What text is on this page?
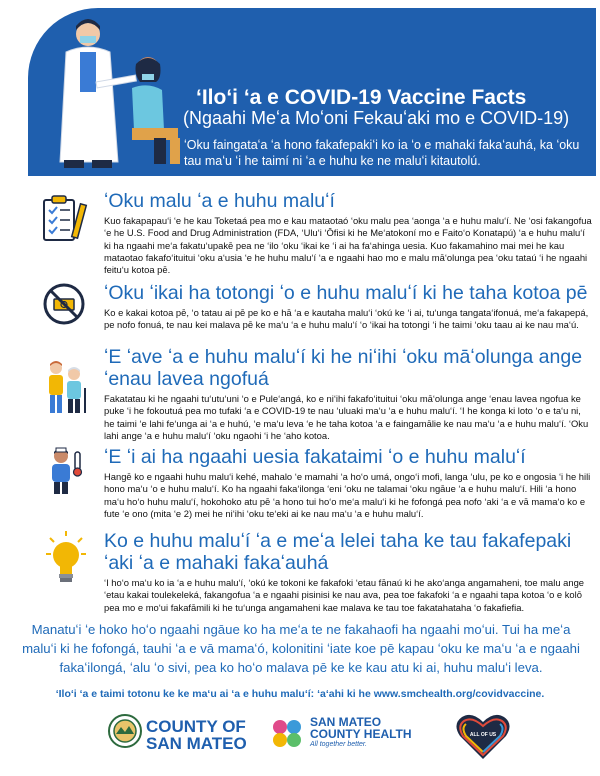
ʻIloʻi ʻa e COVID-19 Vaccine Facts
(Ngaahi Meʻa Moʻoni Fekauʻaki mo e COVID-19)
ʻOku faingataʻa ʻa hono fakafepakiʻi ko ia ʻo e mahaki fakaʻauhá, ka ʻoku tau maʻu ʻi he taimí ni ʻa e huhu ke ne maluʻi kitautolú.
ʻOku malu ʻa e huhu maluʻí

Kuo fakapapauʻi ʻe he kau Toketaá pea mo e kau mataotaó ʻoku malu pea ʻaonga ʻa e huhu maluʻí. Ne ʻosi fakangofua ʻe he U.S. Food and Drug Administration (FDA, ʻUluʻi ʻŌfisi ki he Meʻatokoní mo e Faitoʻo Konatapú) ʻa e huhu maluʻí ki ha ngaahi meʻa fakatuʻupakē pea ne ʻilo ʻoku ʻikai ke ʻi ai ha faʻahinga uesia. Kuo fakamahino mai mei he kau mataotao fakafoʻituitui ʻoku aʻusia ʻe he huhu maluʻí ʻa e ngaahi hao mo e malu māʻolunga pea ʻoku tataú ʻi he ngaahi feituʻu kotoa pē.

ʻOku ʻikai ha totongi ʻo e huhu maluʻí ki he taha kotoa pē

Ko e kakai kotoa pē, ʻo tatau ai pē pe ko e hā ʻa e kautaha maluʻi ʻokú ke ʻi ai, tuʻunga tangataʻifonuá, meʻa fakapepá, pe nofo fonuá, te nau kei malava pē ke maʻu ʻa e huhu maluʻí ʻo ʻikai ha totongi ʻi he taimi ʻoku taau ai ke nau maʻú.

ʻE ʻave ʻa e huhu maluʻí ki he niʻihi ʻoku māʻolunga ange ʻenau lavea ngofuá

Fakatatau ki he ngaahi tuʻutuʻuni ʻo e Puleʻangá, ko e niʻihi fakafoʻituitui ʻoku māʻolunga ange ʻenau lavea ngofua ke puke ʻi he fokoutuá pea mo tufaki ʻa e COVID-19 te nau ʻuluaki maʻu ʻa e huhu maluʻí. ʻI he konga ki loto ʻo e taʻu ni, he taimi ʻe lahi feʻunga ai ʻa e huhú, ʻe maʻu leva ʻe he taha kotoa ʻa e faingamālie ke nau maʻu ʻa e huhu maluʻí. ʻOku lahi ange ʻa e huhu maluʻí ʻoku ngaohi ʻi he ʻaho kotoa.

ʻE ʻi ai ha ngaahi uesia fakataimi ʻo e huhu maluʻí

Hangē ko e ngaahi huhu maluʻi kehé, mahalo ʻe mamahi ʻa hoʻo umá, ongoʻi mofi, langa ʻulu, pe ko e ongosia ʻi he hili hono maʻu ʻo e huhu maluʻí. Ko ha ngaahi fakaʻilonga ʻeni ʻoku ne talamai ʻoku ngāue ʻa e huhu maluʻí. Hili ʻa hono maʻu hoʻo huhu maluʻí, hokohoko atu pē ʻa hono tui hoʻo meʻa maluʻi ki he fofongá pea nofo ʻaki ʻa e vā mamaʻo ko e fute ʻe ono (mita ʻe 2) mei he niʻihi ʻoku teʻeki ai ke nau maʻu ʻa e huhu maluʻí.

Ko e huhu maluʻí ʻa e meʻa lelei taha ke tau fakafepaki ʻaki ʻa e mahaki fakaʻauhá

ʻI hoʻo maʻu ko ia ʻa e huhu maluʻí, ʻokú ke tokoni ke fakafoki ʻetau fānaú ki he akoʻanga angamaheni, toe malu ange ʻetau kakai toulekeleká, fakangofua ʻa e ngaahi pisinisi ke nau ava, pea toe fakafoki ʻa e ngaahi tapa kotoa ʻo e kolō pea mo e moʻui fakafāmili ki he tuʻunga angamaheni kae malava ke tau toe fakatahataha ʻo fakafiefia.

Manatuʻi ʻe hoko hoʻo ngaahi ngāue ko ha meʻa te ne fakahaofi ha ngaahi moʻui. Tui ha meʻa maluʻi ki he fofongá, tauhi ʻa e vā mamaʻó, kolonitini ʻiate koe pē kapau ʻoku ke maʻu ʻa e ngaahi fakaʻilongá, ʻalu ʻo sivi, pea ko hoʻo malava pē ke ke kau atu ki ai, huhu maluʻi leva.
ʻIloʻi ʻa e taimi totonu ke ke maʻu ai ʻa e huhu maluʻí: ʻaʻahi ki he www.smchealth.org/covidvaccine.
COUNTY OF
SAN MATEO
SAN MATEO
COUNTY HEALTH
All together better.
ALL OF US
